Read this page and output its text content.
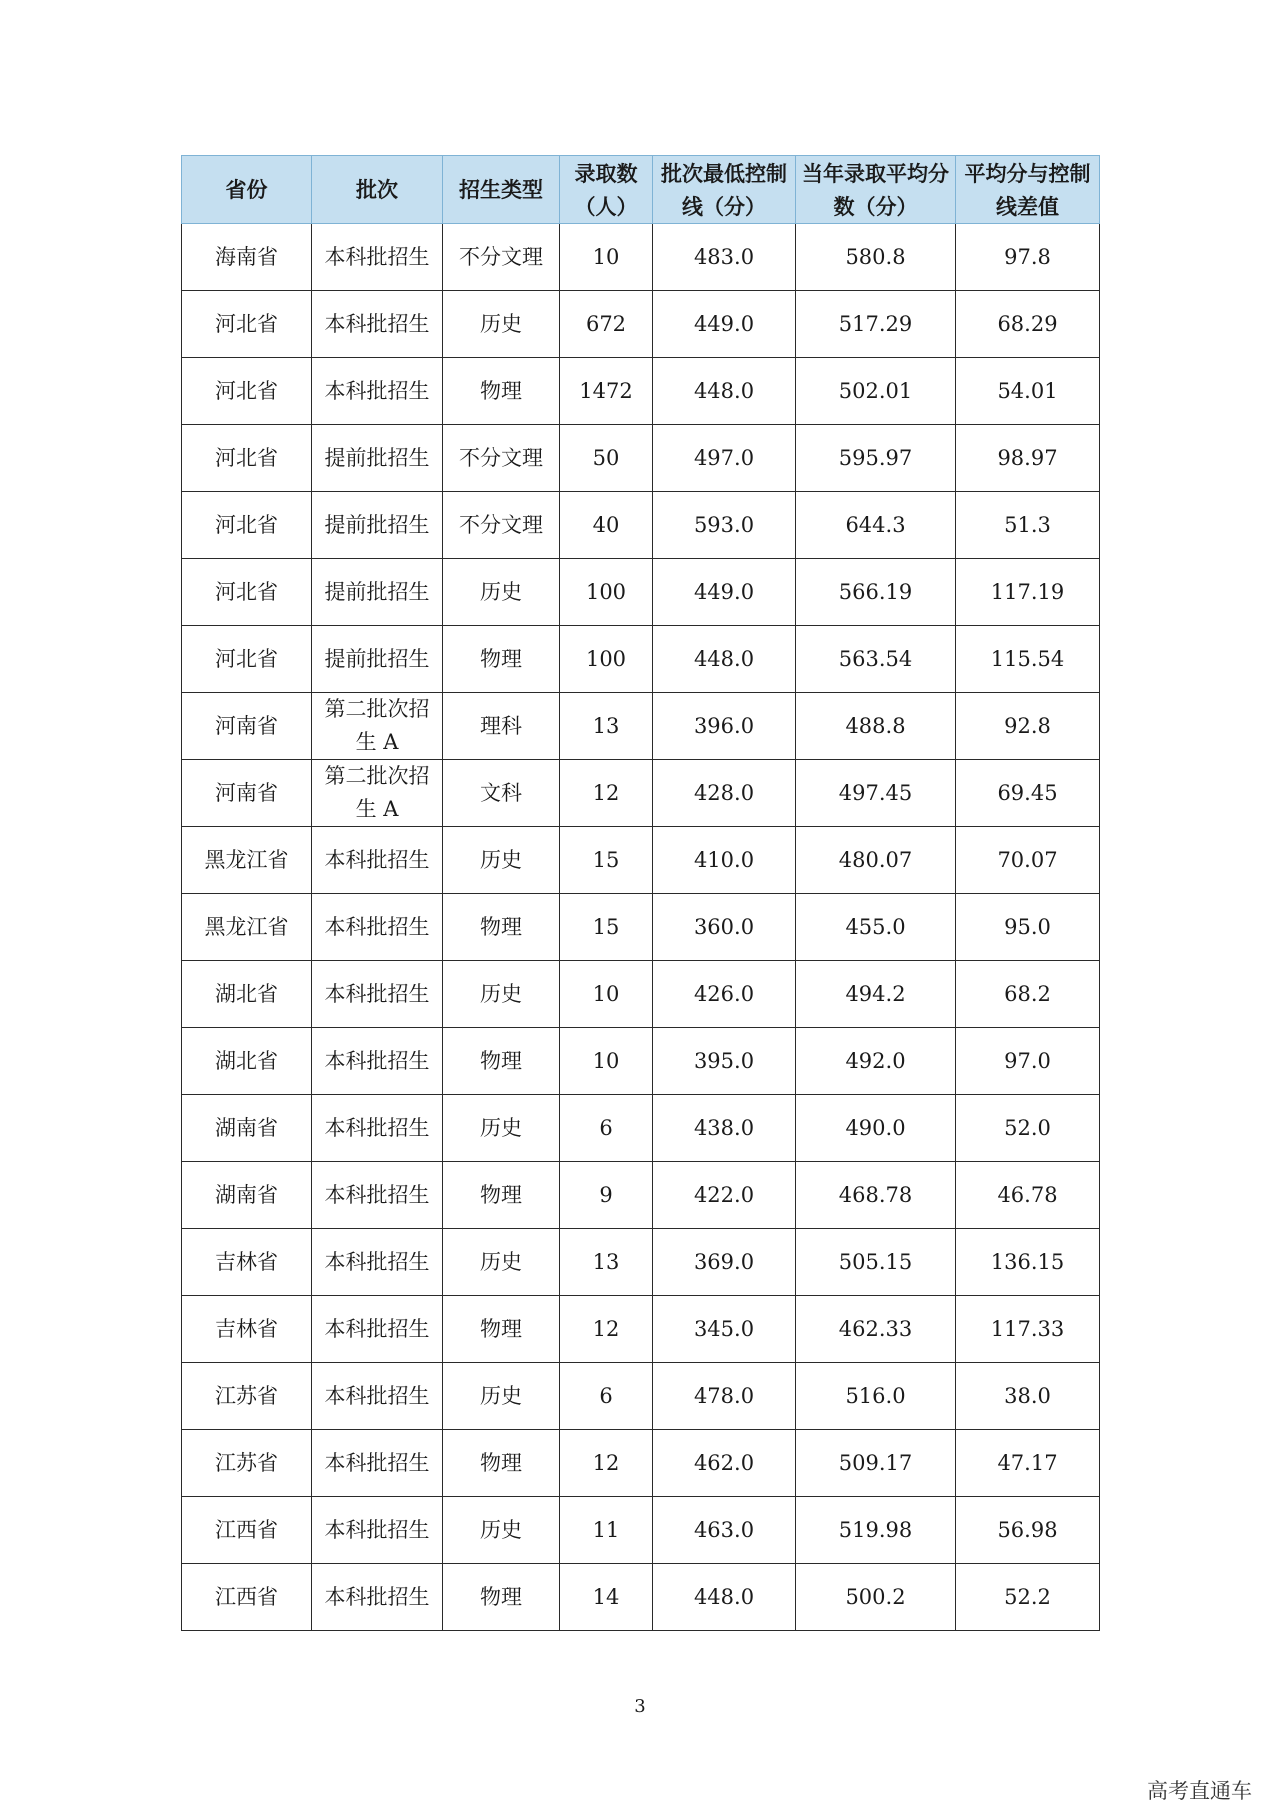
省份	批次	招生类型	录取数（人）	批次最低控制线（分）	当年录取平均分数（分）	平均分与控制线差值
海南省	本科批招生	不分文理	10	483.0	580.8	97.8
河北省	本科批招生	历史	672	449.0	517.29	68.29
河北省	本科批招生	物理	1472	448.0	502.01	54.01
河北省	提前批招生	不分文理	50	497.0	595.97	98.97
河北省	提前批招生	不分文理	40	593.0	644.3	51.3
河北省	提前批招生	历史	100	449.0	566.19	117.19
河北省	提前批招生	物理	100	448.0	563.54	115.54
河南省	第二批次招生 A	理科	13	396.0	488.8	92.8
河南省	第二批次招生 A	文科	12	428.0	497.45	69.45
黑龙江省	本科批招生	历史	15	410.0	480.07	70.07
黑龙江省	本科批招生	物理	15	360.0	455.0	95.0
湖北省	本科批招生	历史	10	426.0	494.2	68.2
湖北省	本科批招生	物理	10	395.0	492.0	97.0
湖南省	本科批招生	历史	6	438.0	490.0	52.0
湖南省	本科批招生	物理	9	422.0	468.78	46.78
吉林省	本科批招生	历史	13	369.0	505.15	136.15
吉林省	本科批招生	物理	12	345.0	462.33	117.33
江苏省	本科批招生	历史	6	478.0	516.0	38.0
江苏省	本科批招生	物理	12	462.0	509.17	47.17
江西省	本科批招生	历史	11	463.0	519.98	56.98
江西省	本科批招生	物理	14	448.0	500.2	52.2
3
高考直通车
